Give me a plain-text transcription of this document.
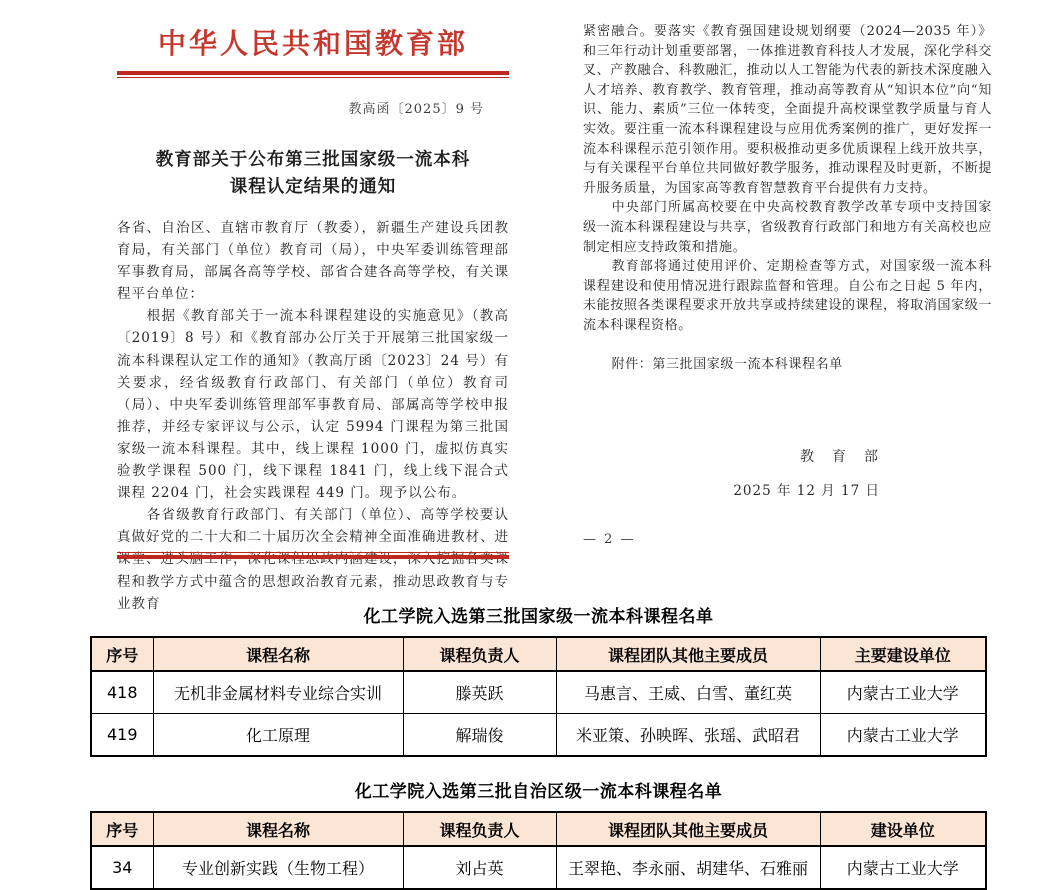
中华人民共和国教育部
教高函〔2025〕9 号
教育部关于公布第三批国家级一流本科
课程认定结果的通知

各省、自治区、直辖市教育厅（教委），新疆生产建设兵团教育局，有关部门（单位）教育司（局），中央军委训练管理部军事教育局，部属各高等学校、部省合建各高等学校，有关课程平台单位：

根据《教育部关于一流本科课程建设的实施意见》（教高〔2019〕8 号）和《教育部办公厅关于开展第三批国家级一流本科课程认定工作的通知》（教高厅函〔2023〕24 号）有关要求，经省级教育行政部门、有关部门（单位）教育司（局）、中央军委训练管理部军事教育局、部属高等学校申报推荐，并经专家评议与公示，认定 5994 门课程为第三批国家级一流本科课程。其中，线上课程 1000 门，虚拟仿真实验教学课程 500 门，线下课程 1841 门，线上线下混合式课程 2204 门，社会实践课程 449 门。现予以公布。

各省级教育行政部门、有关部门（单位）、高等学校要认真做好党的二十大和二十届历次全会精神全面准确进教材、进课堂、进头脑工作，深化课程思政内涵建设，深入挖掘各类课程和教学方式中蕴含的思想政治教育元素，推动思政教育与专业教育

紧密融合。要落实《教育强国建设规划纲要（2024—2035 年）》和三年行动计划重要部署，一体推进教育科技人才发展，深化学科交叉、产教融合、科教融汇，推动以人工智能为代表的新技术深度融入人才培养、教育教学、教育管理，推动高等教育从“知识本位”向“知识、能力、素质”三位一体转变，全面提升高校课堂教学质量与育人实效。要注重一流本科课程建设与应用优秀案例的推广，更好发挥一流本科课程示范引领作用。要积极推动更多优质课程上线开放共享，与有关课程平台单位共同做好教学服务，推动课程及时更新，不断提升服务质量，为国家高等教育智慧教育平台提供有力支持。

中央部门所属高校要在中央高校教育教学改革专项中支持国家级一流本科课程建设与共享，省级教育行政部门和地方有关高校也应制定相应支持政策和措施。

教育部将通过使用评价、定期检查等方式，对国家级一流本科课程建设和使用情况进行跟踪监督和管理。自公布之日起 5 年内，未能按照各类课程要求开放共享或持续建设的课程，将取消国家级一流本科课程资格。

附件：第三批国家级一流本科课程名单

教　育　部
2025 年 12 月 17 日
— 2 —
化工学院入选第三批国家级一流本科课程名单
序号	课程名称	课程负责人	课程团队其他主要成员	主要建设单位
418	无机非金属材料专业综合实训	滕英跃	马惠言、王威、白雪、董红英	内蒙古工业大学
419	化工原理	解瑞俊	米亚策、孙映晖、张瑶、武昭君	内蒙古工业大学
化工学院入选第三批自治区级一流本科课程名单
序号	课程名称	课程负责人	课程团队其他主要成员	建设单位
34	专业创新实践（生物工程）	刘占英	王翠艳、李永丽、胡建华、石雅丽	内蒙古工业大学
